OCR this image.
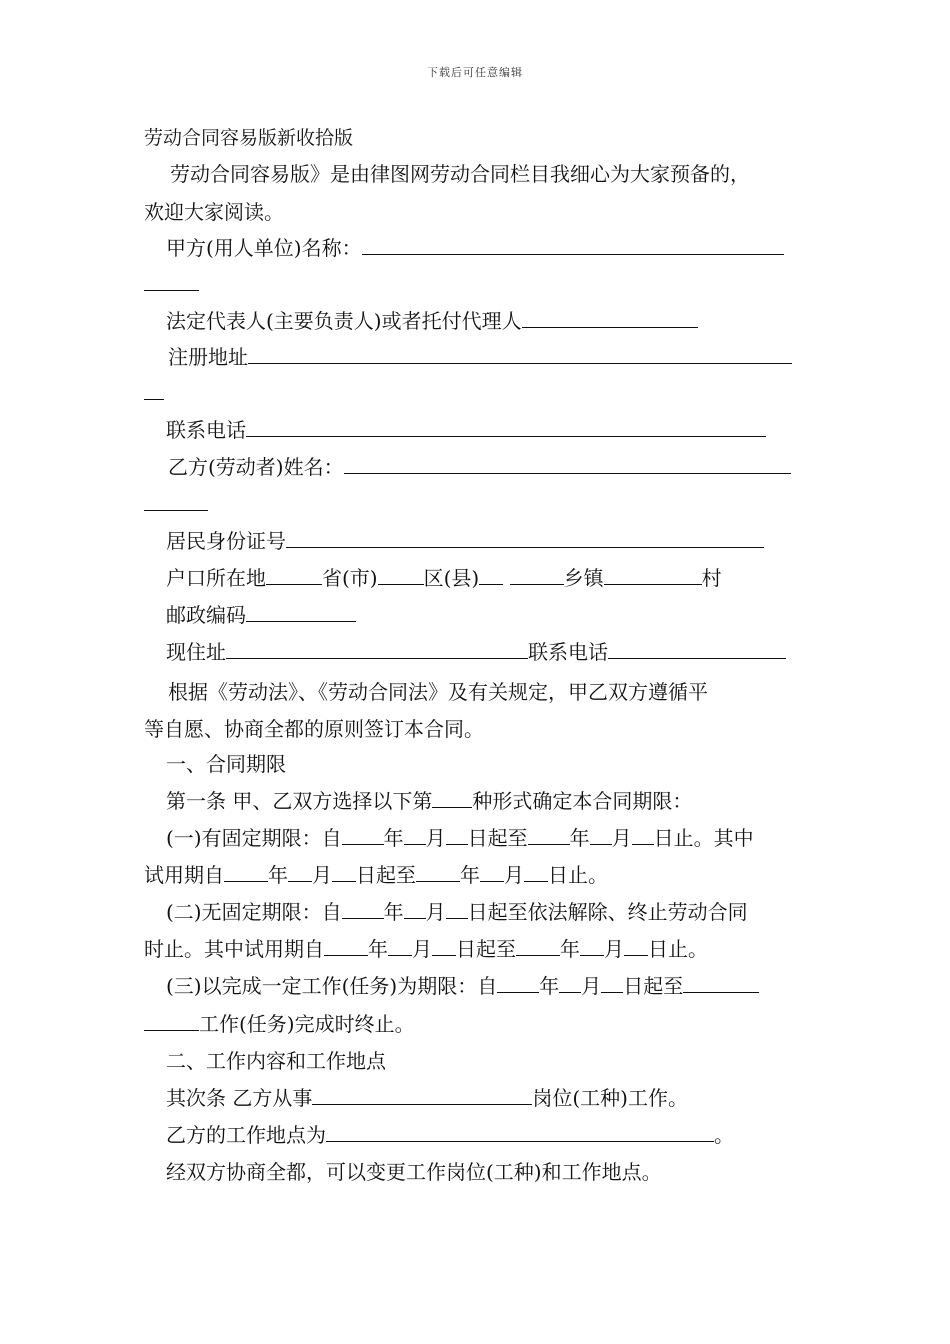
下载后可任意编辑
劳动合同容易版新收拾版
劳动合同容易版》是由律图网劳动合同栏目我细心为大家预备的，
欢迎大家阅读。
甲方(用人单位)名称：
法定代表人(主要负责人)或者托付代理人
注册地址
联系电话
乙方(劳动者)姓名：
居民身份证号
户口所在地	省(市) 区(县)	乡镇	村
邮政编码
现住址	联系电话
根据《劳动法》、《劳动合同法》及有关规定，甲乙双方遵循平
等自愿、协商全都的原则签订本合同。
一、合同期限
第一条 甲、乙双方选择以下第 种形式确定本合同期限：
(一)有固定期限：自 年 月 日起至 年 月 日止。其中
试用期自 年 月 日起至 年 月 日止。
(二)无固定期限：自 年 月 日起至依法解除、终止劳动合同
时止。其中试用期自 年 月 日起至 年 月 日止。
(三)以完成一定工作(任务)为期限：自 年 月 日起至
工作(任务)完成时终止。
二、工作内容和工作地点
其次条 乙方从事	岗位(工种)工作。
乙方的工作地点为	。
经双方协商全都，可以变更工作岗位(工种)和工作地点。
